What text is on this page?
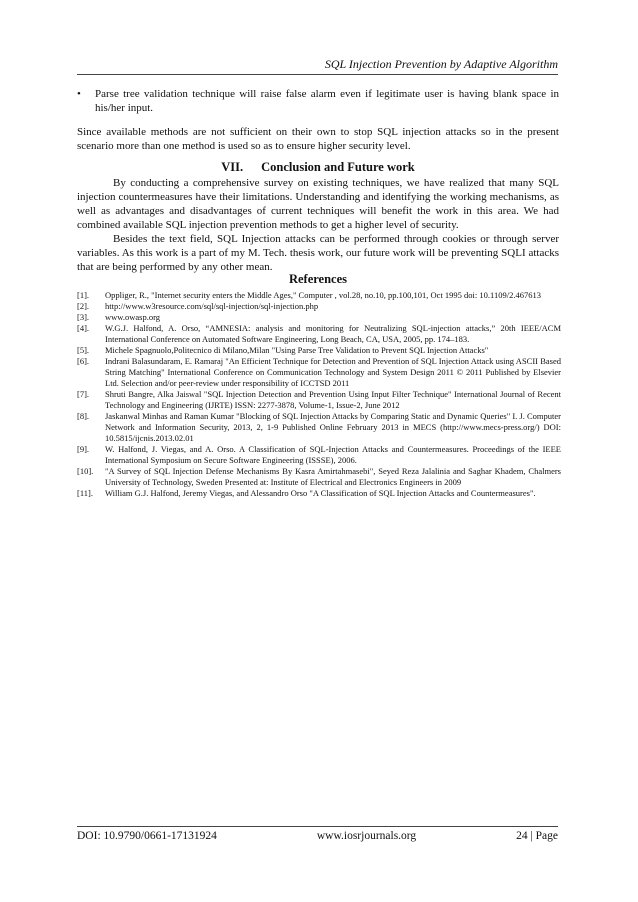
SQL Injection Prevention by Adaptive Algorithm
•	Parse tree validation technique will raise false alarm even if legitimate user is having blank space in his/her input.
Since available methods are not sufficient on their own to stop SQL injection attacks so in the present scenario more than one method is used so as to ensure higher security level.
VII. Conclusion and Future work
By conducting a comprehensive survey on existing techniques, we have realized that many SQL injection countermeasures have their limitations. Understanding and identifying the working mechanisms, as well as advantages and disadvantages of current techniques will benefit the work in this area. We had combined available SQL injection prevention methods to get a higher level of security.
Besides the text field, SQL Injection attacks can be performed through cookies or through server variables. As this work is a part of my M. Tech. thesis work, our future work will be preventing SQLI attacks that are being performed by any other mean.
References
[1].	Oppliger, R., "Internet security enters the Middle Ages," Computer , vol.28, no.10, pp.100,101, Oct 1995 doi: 10.1109/2.467613
[2].	http://www.w3resource.com/sql/sql-injection/sql-injection.php
[3].	www.owasp.org
[4].	W.G.J. Halfond, A. Orso, “AMNESIA: analysis and monitoring for Neutralizing SQL-injection attacks,” 20th IEEE/ACM International Conference on Automated Software Engineering, Long Beach, CA, USA, 2005, pp. 174–183.
[5].	Michele Spagnuolo,Politecnico di Milano,Milan "Using Parse Tree Validation to Prevent SQL Injection Attacks"
[6].	Indrani Balasundaram, E. Ramaraj "An Efficient Technique for Detection and Prevention of SQL Injection Attack using ASCII Based String Matching" International Conference on Communication Technology and System Design 2011 © 2011 Published by Elsevier Ltd. Selection and/or peer-review under responsibility of ICCTSD 2011
[7].	Shruti Bangre, Alka Jaiswal "SQL Injection Detection and Prevention Using Input Filter Technique" International Journal of Recent Technology and Engineering (IJRTE) ISSN: 2277-3878, Volume-1, Issue-2, June 2012
[8].	Jaskanwal Minhas and Raman Kumar "Blocking of SQL Injection Attacks by Comparing Static and Dynamic Queries" I. J. Computer Network and Information Security, 2013, 2, 1-9 Published Online February 2013 in MECS (http://www.mecs-press.org/) DOI: 10.5815/ijcnis.2013.02.01
[9].	W. Halfond, J. Viegas, and A. Orso. A Classification of SQL-Injection Attacks and Countermeasures. Proceedings of the IEEE International Symposium on Secure Software Engineering (ISSSE), 2006.
[10].	"A Survey of SQL Injection Defense Mechanisms By Kasra Amirtahmasebi", Seyed Reza Jalalinia and Saghar Khadem, Chalmers University of Technology, Sweden Presented at: Institute of Electrical and Electronics Engineers in 2009
[11].	William G.J. Halfond, Jeremy Viegas, and Alessandro Orso "A Classification of SQL Injection Attacks and Countermeasures".
DOI: 10.9790/0661-17131924	www.iosrjournals.org	24 | Page
